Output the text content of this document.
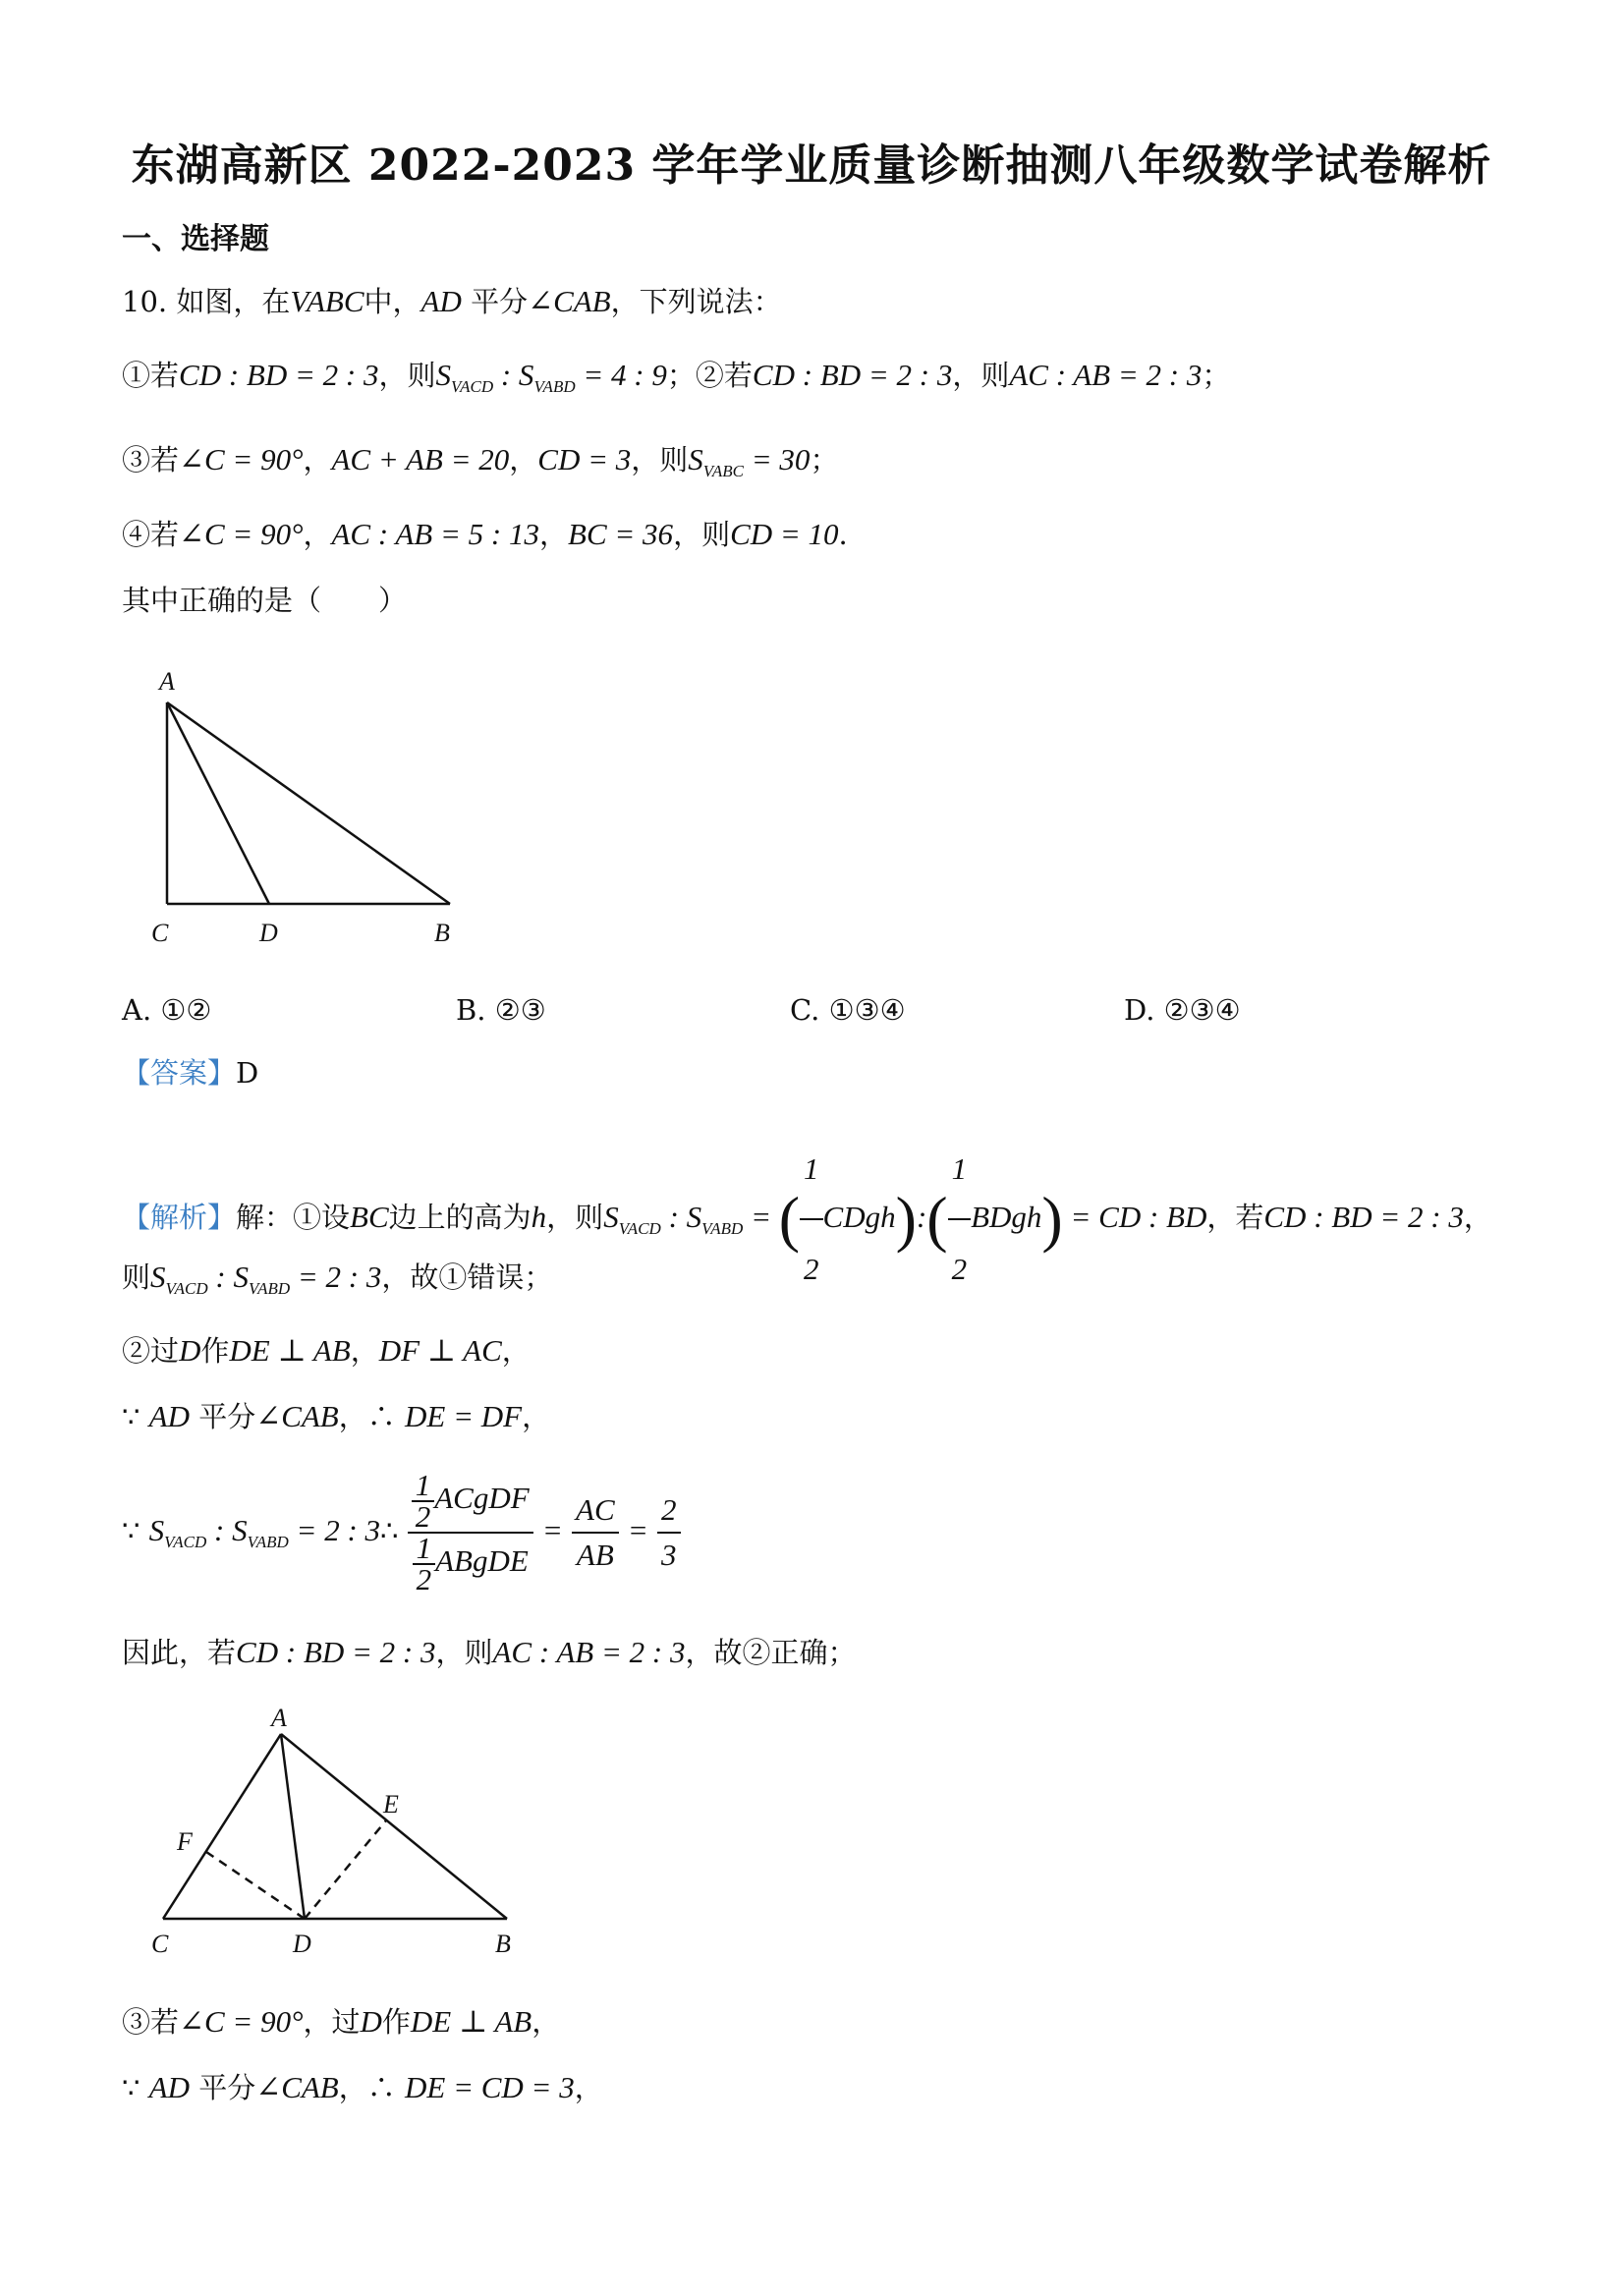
东湖高新区 2022-2023 学年学业质量诊断抽测八年级数学试卷解析
一、选择题
10. 如图，在VABC中，AD 平分∠CAB，下列说法：
①若CD : BD = 2 : 3，则$S_{VACD}$ : $S_{VABD} = 4$ : 9；②若CD : BD = 2 : 3，则AC : AB = 2 : 3；
③若∠C = 90°，AC + AB = 20，CD = 3，则$S_{VABC} = 30$；
④若∠C = 90°，AC : AB = 5 : 13，BC = 36，则CD = 10．
其中正确的是（　　）
A
C	D	B
A. ①②	B. ②③	C. ①③④	D. ②③④
【答案】D
【解析】解：①设BC边上的高为h，则$S_{VACD}$ : $S_{VABD}$ = ( $\frac{1}{2}$ CDgh):( $\frac{1}{2}$ BDgh) = CD : BD，若CD : BD = 2 : 3，
则$S_{VACD}$ : $S_{VABD} = 2$ : 3，故①错误；
②过D作DE ⊥ AB，DF ⊥ AC，
∵ AD 平分∠CAB，∴ DE = DF，
∵ $S_{VACD}$ : $S_{VABD} = 2$ : 3∴ $\frac{\frac{1}{2} ACgDF}{\frac{1}{2} ABgDE} = \frac{AC}{AB} = \frac{2}{3}$
因此，若CD : BD = 2 : 3，则AC : AB = 2 : 3，故②正确；
A
F
E
C	D	B
③若∠C = 90°，过D作DE ⊥ AB，
∵ AD 平分∠CAB，∴ DE = CD = 3，
